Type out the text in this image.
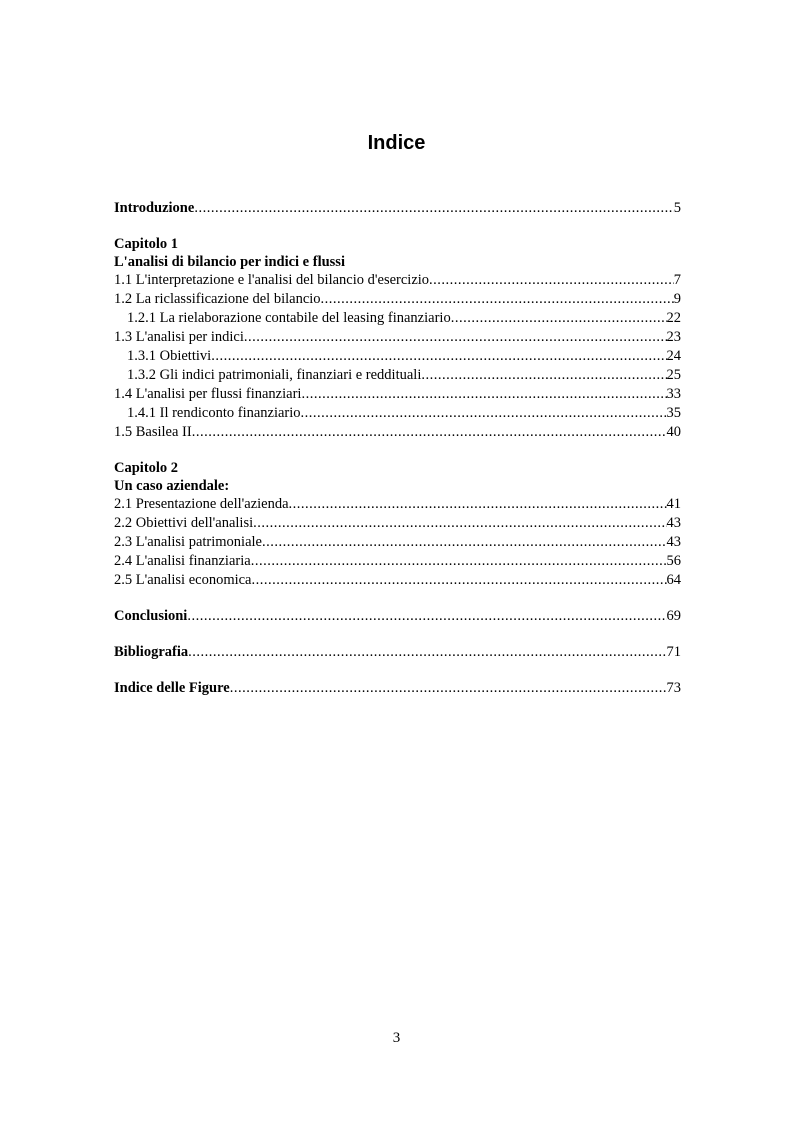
Indice
Introduzione .....	5
Capitolo 1
L'analisi di bilancio per indici e flussi
1.1 L'interpretazione e l'analisi del bilancio d'esercizio .....	7
1.2 La riclassificazione del bilancio .....	9
1.2.1 La rielaborazione contabile del leasing finanziario .....	22
1.3 L'analisi per indici .....	23
1.3.1 Obiettivi .....	24
1.3.2 Gli indici patrimoniali, finanziari e reddituali .....	25
1.4 L'analisi per flussi finanziari .....	33
1.4.1 Il rendiconto finanziario .....	35
1.5 Basilea II .....	40
Capitolo 2
Un caso aziendale:
2.1 Presentazione dell'azienda .....	41
2.2 Obiettivi dell'analisi .....	43
2.3 L'analisi patrimoniale .....	43
2.4 L'analisi finanziaria .....	56
2.5 L'analisi economica .....	64
Conclusioni .....	69
Bibliografia .....	71
Indice delle Figure .....	73
3
